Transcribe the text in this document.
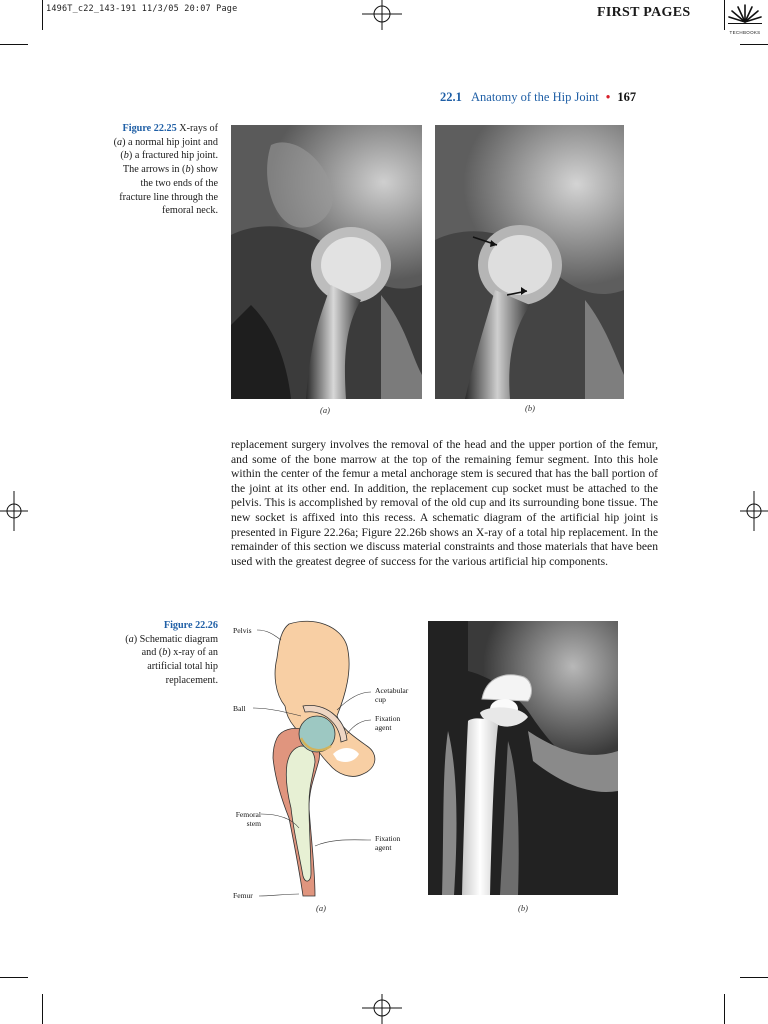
1496T_c22_143-191 11/3/05 20:07 Page	FIRST PAGES
TECHBOOKS
22.1 Anatomy of the Hip Joint • 167
Figure 22.25 X-rays of (a) a normal hip joint and (b) a fractured hip joint. The arrows in (b) show the two ends of the fracture line through the femoral neck.
(a)	(b)
replacement surgery involves the removal of the head and the upper portion of the femur, and some of the bone marrow at the top of the remaining femur segment. Into this hole within the center of the femur a metal anchorage stem is secured that has the ball portion of the joint at its other end. In addition, the replacement cup socket must be attached to the pelvis. This is accomplished by removal of the old cup and its surrounding bone tissue. The new socket is affixed into this recess. A schematic diagram of the artificial hip joint is presented in Figure 22.26a; Figure 22.26b shows an X-ray of a total hip replacement. In the remainder of this section we discuss material constraints and those materials that have been used with the greatest degree of success for the various artificial hip components.
Figure 22.26
(a) Schematic diagram and (b) x-ray of an artificial total hip replacement.
Pelvis
Ball
Acetabular
cup
Fixation
agent
Femoral
stem
Fixation
agent
Femur
(a)	(b)
